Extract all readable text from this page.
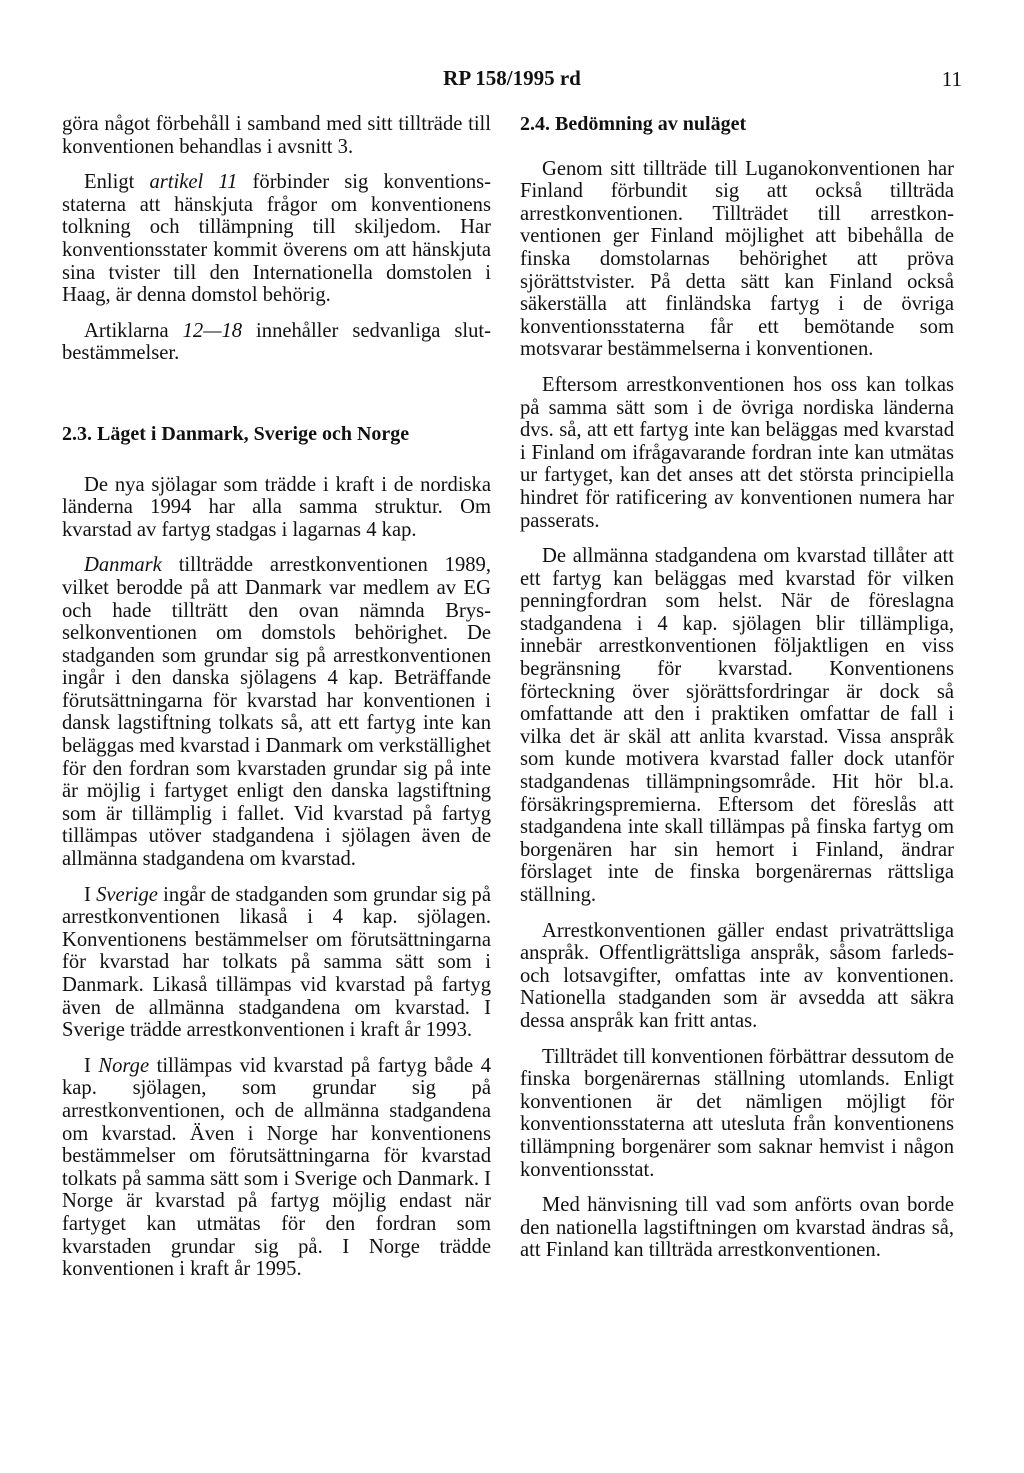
RP 158/1995 rd	11

göra något förbehåll i samband med sitt tillträde till konventionen behandlas i avsnitt 3.

Enligt artikel 11 förbinder sig konventionsstaterna att hänskjuta frågor om konventionens tolkning och tillämpning till skiljedom. Har konventionsstater kommit överens om att hänskjuta sina tvister till den Internationella domstolen i Haag, är denna domstol behörig.

Artiklarna 12—18 innehåller sedvanliga slutbestämmelser.

2.3. Läget i Danmark, Sverige och Norge

De nya sjölagar som trädde i kraft i de nordiska länderna 1994 har alla samma struktur. Om kvarstad av fartyg stadgas i lagarnas 4 kap.

Danmark tillträdde arrestkonventionen 1989, vilket berodde på att Danmark var medlem av EG och hade tillträtt den ovan nämnda Brysselkonventionen om domstols behörighet. De stadganden som grundar sig på arrestkonventionen ingår i den danska sjölagens 4 kap. Beträffande förutsättningarna för kvarstad har konventionen i dansk lagstiftning tolkats så, att ett fartyg inte kan beläggas med kvarstad i Danmark om verkställighet för den fordran som kvarstaden grundar sig på inte är möjlig i fartyget enligt den danska lagstiftning som är tillämplig i fallet. Vid kvarstad på fartyg tillämpas utöver stadgandena i sjölagen även de allmänna stadgandena om kvarstad.

I Sverige ingår de stadganden som grundar sig på arrestkonventionen likaså i 4 kap. sjölagen. Konventionens bestämmelser om förutsättningarna för kvarstad har tolkats på samma sätt som i Danmark. Likaså tillämpas vid kvarstad på fartyg även de allmänna stadgandena om kvarstad. I Sverige trädde arrestkonventionen i kraft år 1993.

I Norge tillämpas vid kvarstad på fartyg både 4 kap. sjölagen, som grundar sig på arrestkonventionen, och de allmänna stadgandena om kvarstad. Även i Norge har konventionens bestämmelser om förutsättningarna för kvarstad tolkats på samma sätt som i Sverige och Danmark. I Norge är kvarstad på fartyg möjlig endast när fartyget kan utmätas för den fordran som kvarstaden grundar sig på. I Norge trädde konventionen i kraft år 1995.

2.4. Bedömning av nuläget

Genom sitt tillträde till Luganokonventionen har Finland förbundit sig att också tillträda arrestkonventionen. Tillträdet till arrestkonventionen ger Finland möjlighet att bibehålla de finska domstolarnas behörighet att pröva sjörättstvister. På detta sätt kan Finland också säkerställa att finländska fartyg i de övriga konventionsstaterna får ett bemötande som motsvarar bestämmelserna i konventionen.

Eftersom arrestkonventionen hos oss kan tolkas på samma sätt som i de övriga nordiska länderna dvs. så, att ett fartyg inte kan beläggas med kvarstad i Finland om ifrågavarande fordran inte kan utmätas ur fartyget, kan det anses att det största principiella hindret för ratificering av konventionen numera har passerats.

De allmänna stadgandena om kvarstad tillåter att ett fartyg kan beläggas med kvarstad för vilken penningfordran som helst. När de föreslagna stadgandena i 4 kap. sjölagen blir tillämpliga, innebär arrestkonventionen följaktligen en viss begränsning för kvarstad. Konventionens förteckning över sjörättsfordringar är dock så omfattande att den i praktiken omfattar de fall i vilka det är skäl att anlita kvarstad. Vissa anspråk som kunde motivera kvarstad faller dock utanför stadgandenas tillämpningsområde. Hit hör bl.a. försäkringspremierna. Eftersom det föreslås att stadgandena inte skall tillämpas på finska fartyg om borgenären har sin hemort i Finland, ändrar förslaget inte de finska borgenärernas rättsliga ställning.

Arrestkonventionen gäller endast privaträttsliga anspråk. Offentligrättsliga anspråk, såsom farleds- och lotsavgifter, omfattas inte av konventionen. Nationella stadganden som är avsedda att säkra dessa anspråk kan fritt antas.

Tillträdet till konventionen förbättrar dessutom de finska borgenärernas ställning utomlands. Enligt konventionen är det nämligen möjligt för konventionsstaterna att utesluta från konventionens tillämpning borgenärer som saknar hemvist i någon konventionsstat.

Med hänvisning till vad som anförts ovan borde den nationella lagstiftningen om kvarstad ändras så, att Finland kan tillträda arrestkonventionen.
